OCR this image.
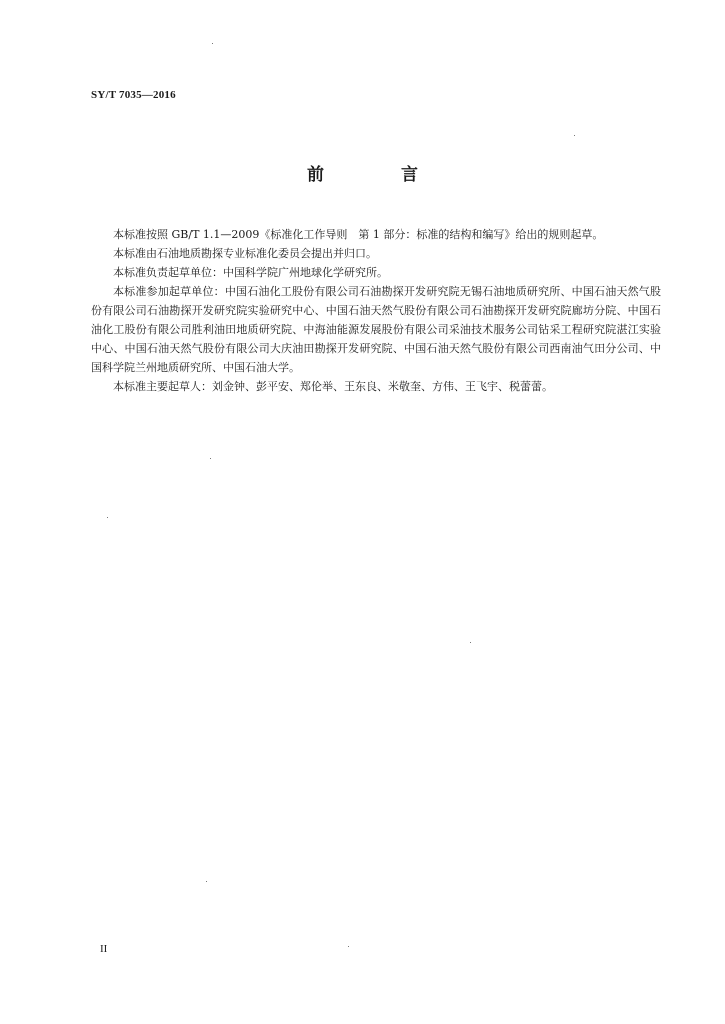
SY/T 7035—2016
前　言

本标准按照 GB/T 1.1—2009《标准化工作导则　第 1 部分：标准的结构和编写》给出的规则起草。

本标准由石油地质勘探专业标准化委员会提出并归口。

本标准负责起草单位：中国科学院广州地球化学研究所。

本标准参加起草单位：中国石油化工股份有限公司石油勘探开发研究院无锡石油地质研究所、中国石油天然气股份有限公司石油勘探开发研究院实验研究中心、中国石油天然气股份有限公司石油勘探开发研究院廊坊分院、中国石油化工股份有限公司胜利油田地质研究院、中海油能源发展股份有限公司采油技术服务公司钻采工程研究院湛江实验中心、中国石油天然气股份有限公司大庆油田勘探开发研究院、中国石油天然气股份有限公司西南油气田分公司、中国科学院兰州地质研究所、中国石油大学。

本标准主要起草人：刘金钟、彭平安、郑伦举、王东良、米敬奎、方伟、王飞宇、税蕾蕾。

II
